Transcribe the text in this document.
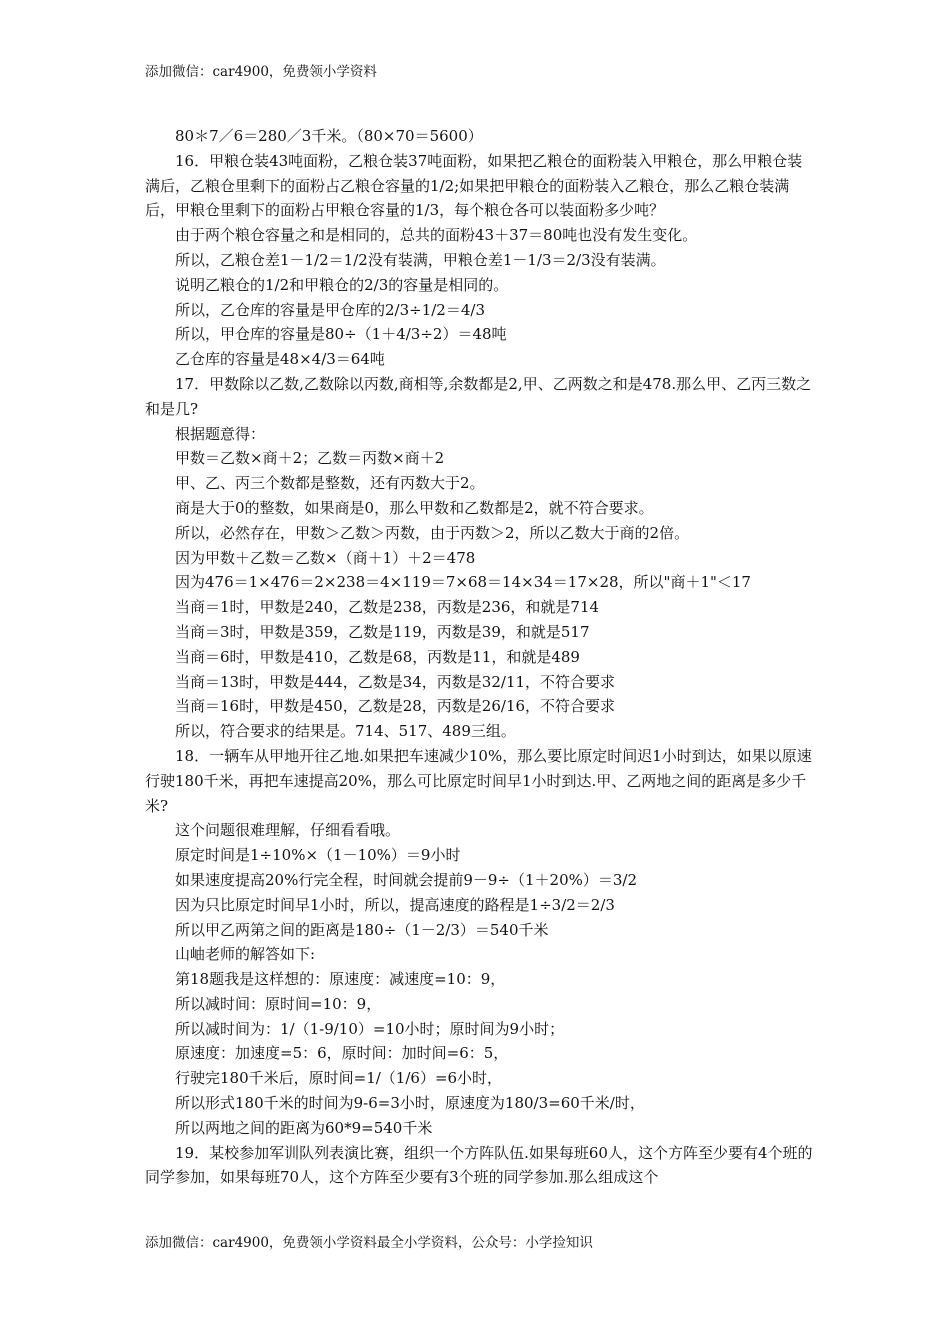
添加微信：car4900，免费领小学资料

80＊7／6＝280／3千米。（80×70＝5600）

16．甲粮仓装43吨面粉，乙粮仓装37吨面粉，如果把乙粮仓的面粉装入甲粮仓，那么甲粮仓装满后，乙粮仓里剩下的面粉占乙粮仓容量的1/2;如果把甲粮仓的面粉装入乙粮仓，那么乙粮仓装满后，甲粮仓里剩下的面粉占甲粮仓容量的1/3，每个粮仓各可以装面粉多少吨？

由于两个粮仓容量之和是相同的，总共的面粉43＋37＝80吨也没有发生变化。

所以，乙粮仓差1－1/2＝1/2没有装满，甲粮仓差1－1/3＝2/3没有装满。

说明乙粮仓的1/2和甲粮仓的2/3的容量是相同的。

所以，乙仓库的容量是甲仓库的2/3÷1/2＝4/3

所以，甲仓库的容量是80÷（1＋4/3÷2）＝48吨

乙仓库的容量是48×4/3＝64吨

17．甲数除以乙数,乙数除以丙数,商相等,余数都是2,甲、乙两数之和是478.那么甲、乙丙三数之和是几?

根据题意得：

甲数＝乙数×商＋2；乙数＝丙数×商＋2

甲、乙、丙三个数都是整数，还有丙数大于2。

商是大于0的整数，如果商是0，那么甲数和乙数都是2，就不符合要求。

所以，必然存在，甲数＞乙数＞丙数，由于丙数＞2，所以乙数大于商的2倍。

因为甲数＋乙数＝乙数×（商＋1）＋2＝478

因为476＝1×476＝2×238＝4×119＝7×68＝14×34＝17×28，所以"商＋1"＜17

当商＝1时，甲数是240，乙数是238，丙数是236，和就是714

当商＝3时，甲数是359，乙数是119，丙数是39，和就是517

当商＝6时，甲数是410，乙数是68，丙数是11，和就是489

当商＝13时，甲数是444，乙数是34，丙数是32/11，不符合要求

当商＝16时，甲数是450，乙数是28，丙数是26/16，不符合要求

所以，符合要求的结果是。714、517、489三组。

18．一辆车从甲地开往乙地.如果把车速减少10%，那么要比原定时间迟1小时到达，如果以原速行驶180千米，再把车速提高20%，那么可比原定时间早1小时到达.甲、乙两地之间的距离是多少千米?

这个问题很难理解，仔细看看哦。

原定时间是1÷10%×（1－10%）＝9小时

如果速度提高20%行完全程，时间就会提前9－9÷（1＋20%）＝3/2

因为只比原定时间早1小时，所以，提高速度的路程是1÷3/2＝2/3

所以甲乙两第之间的距离是180÷（1－2/3）＝540千米

山岫老师的解答如下:

第18题我是这样想的：原速度：减速度=10：9，

所以减时间：原时间=10：9，

所以减时间为：1/（1-9/10）=10小时；原时间为9小时；

原速度：加速度=5：6，原时间：加时间=6：5，

行驶完180千米后，原时间=1/（1/6）=6小时，

所以形式180千米的时间为9-6=3小时，原速度为180/3=60千米/时，

所以两地之间的距离为60*9=540千米

19．某校参加军训队列表演比赛，组织一个方阵队伍.如果每班60人，这个方阵至少要有4个班的同学参加，如果每班70人，这个方阵至少要有3个班的同学参加.那么组成这个

添加微信：car4900，免费领小学资料最全小学资料，公众号：小学捡知识
